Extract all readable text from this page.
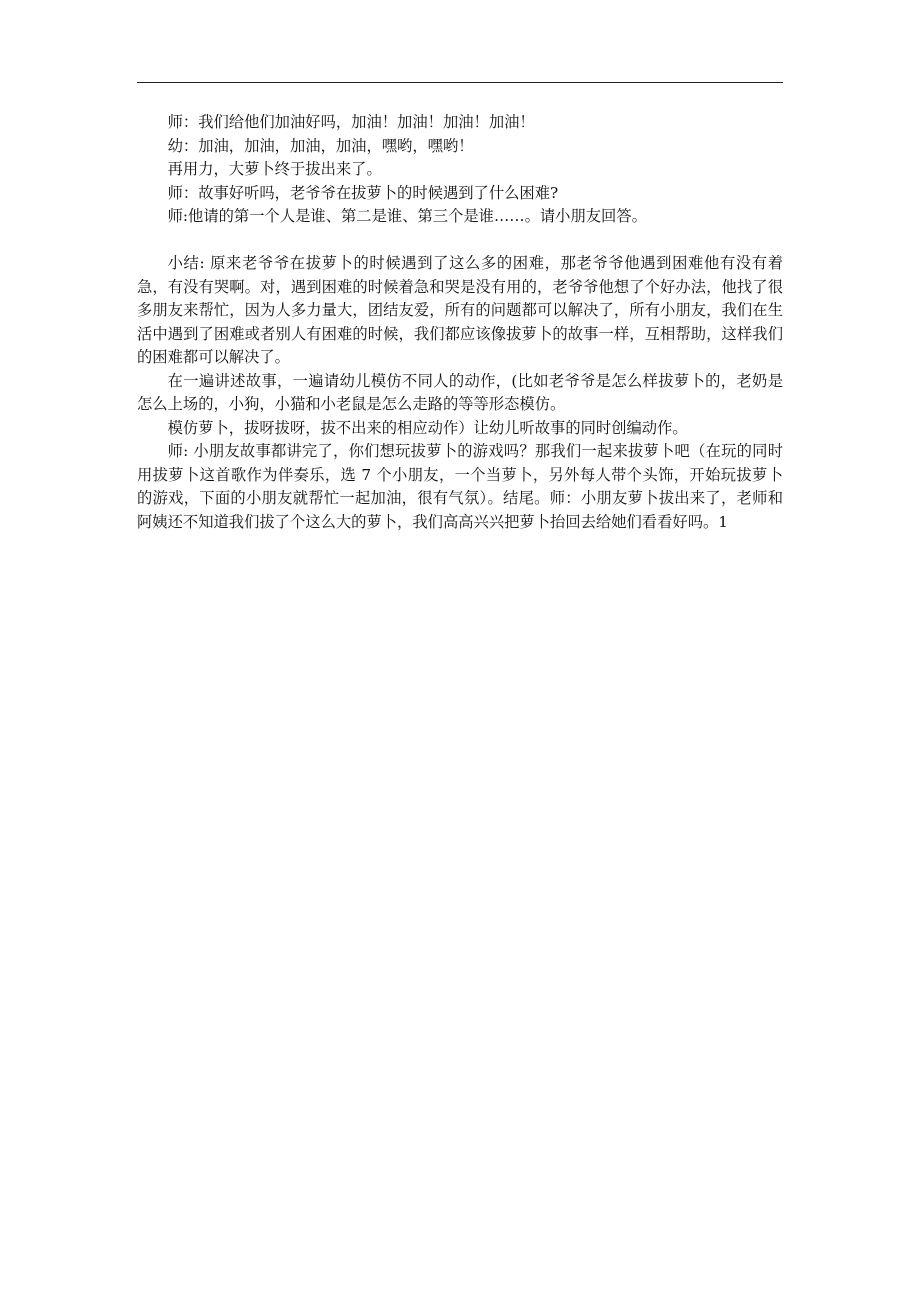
师：我们给他们加油好吗，加油！加油！加油！加油！

幼：加油，加油，加油，加油，嘿哟，嘿哟！

再用力，大萝卜终于拔出来了。

师：故事好听吗，老爷爷在拔萝卜的时候遇到了什么困难?

师:他请的第一个人是谁、第二是谁、第三个是谁……。请小朋友回答。

小结: 原来老爷爷在拔萝卜的时候遇到了这么多的困难，那老爷爷他遇到困难他有没有着急，有没有哭啊。对，遇到困难的时候着急和哭是没有用的，老爷爷他想了个好办法，他找了很多朋友来帮忙，因为人多力量大，团结友爱，所有的问题都可以解决了，所有小朋友，我们在生活中遇到了困难或者别人有困难的时候，我们都应该像拔萝卜的故事一样，互相帮助，这样我们的困难都可以解决了。

在一遍讲述故事，一遍请幼儿模仿不同人的动作，(比如老爷爷是怎么样拔萝卜的，老奶是怎么上场的，小狗，小猫和小老鼠是怎么走路的等等形态模仿。

模仿萝卜，拔呀拔呀，拔不出来的相应动作）让幼儿听故事的同时创编动作。

师: 小朋友故事都讲完了，你们想玩拔萝卜的游戏吗？那我们一起来拔萝卜吧（在玩的同时用拔萝卜这首歌作为伴奏乐，选 7 个小朋友，一个当萝卜，另外每人带个头饰，开始玩拔萝卜的游戏，下面的小朋友就帮忙一起加油，很有气氛）。结尾。师：小朋友萝卜拔出来了，老师和阿姨还不知道我们拔了个这么大的萝卜，我们高高兴兴把萝卜抬回去给她们看看好吗。1
